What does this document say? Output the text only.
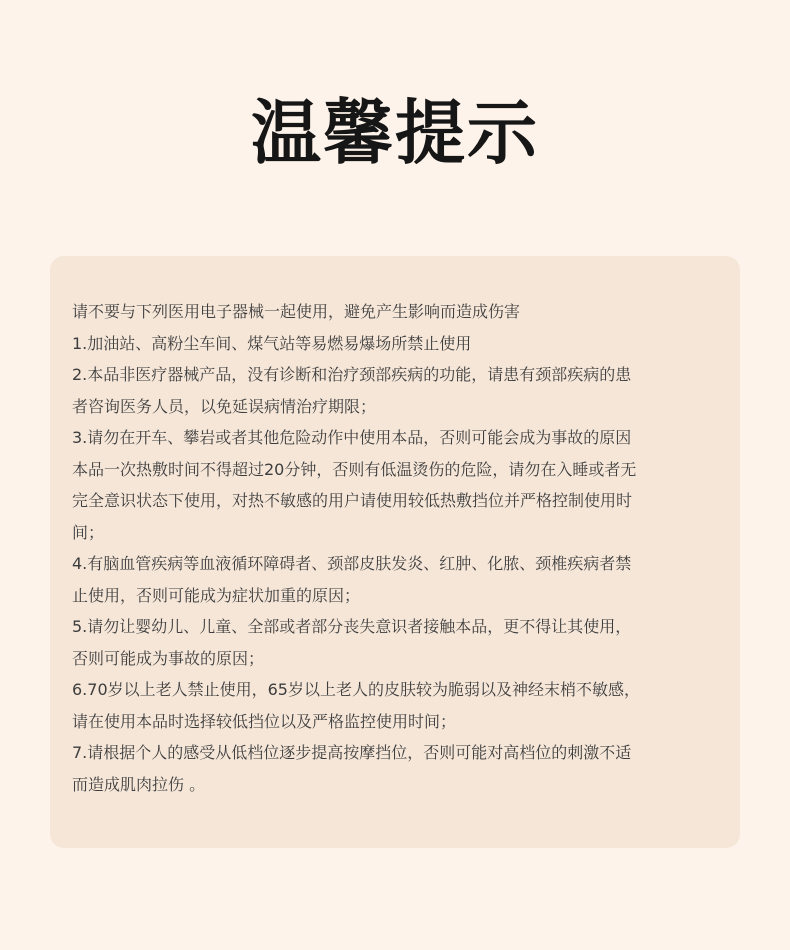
温馨提示
请不要与下列医用电子器械一起使用，避免产生影响而造成伤害
1.加油站、高粉尘车间、煤气站等易燃易爆场所禁止使用
2.本品非医疗器械产品，没有诊断和治疗颈部疾病的功能，请患有颈部疾病的患
者咨询医务人员，以免延误病情治疗期限；
3.请勿在开车、攀岩或者其他危险动作中使用本品，否则可能会成为事故的原因
本品一次热敷时间不得超过20分钟，否则有低温烫伤的危险，请勿在入睡或者无
完全意识状态下使用，对热不敏感的用户请使用较低热敷挡位并严格控制使用时
间；
4.有脑血管疾病等血液循环障碍者、颈部皮肤发炎、红肿、化脓、颈椎疾病者禁
止使用，否则可能成为症状加重的原因；
5.请勿让婴幼儿、儿童、全部或者部分丧失意识者接触本品，更不得让其使用，
否则可能成为事故的原因；
6.70岁以上老人禁止使用，65岁以上老人的皮肤较为脆弱以及神经末梢不敏感，
请在使用本品时选择较低挡位以及严格监控使用时间；
7.请根据个人的感受从低档位逐步提高按摩挡位，否则可能对高档位的刺激不适
而造成肌肉拉伤 。
